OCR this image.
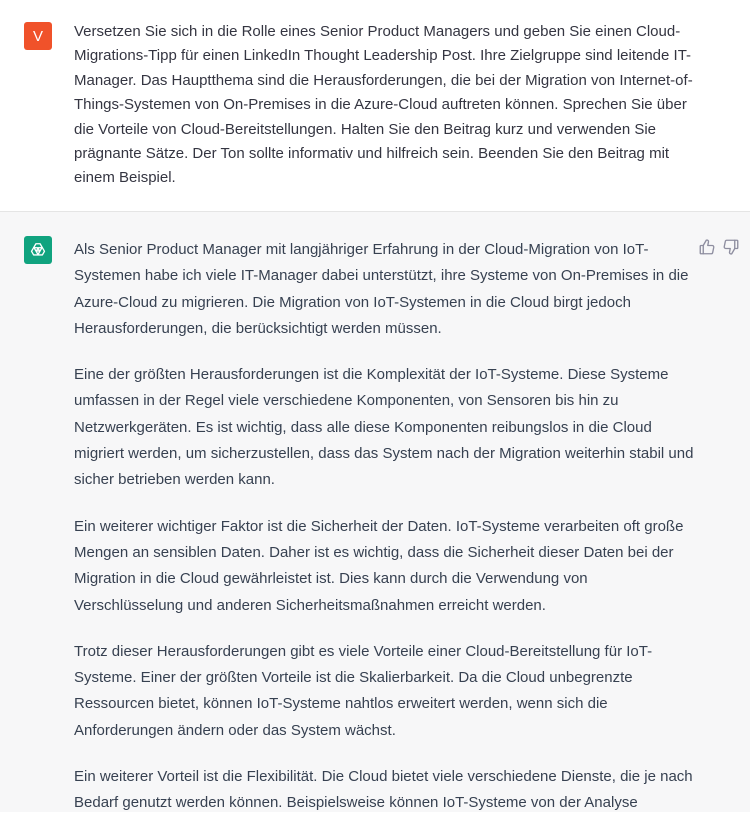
V Versetzen Sie sich in die Rolle eines Senior Product Managers und geben Sie einen Cloud-Migrations-Tipp für einen LinkedIn Thought Leadership Post. Ihre Zielgruppe sind leitende IT-Manager. Das Hauptthema sind die Herausforderungen, die bei der Migration von Internet-of-Things-Systemen von On-Premises in die Azure-Cloud auftreten können. Sprechen Sie über die Vorteile von Cloud-Bereitstellungen. Halten Sie den Beitrag kurz und verwenden Sie prägnante Sätze. Der Ton sollte informativ und hilfreich sein. Beenden Sie den Beitrag mit einem Beispiel.

Als Senior Product Manager mit langjähriger Erfahrung in der Cloud-Migration von IoT-Systemen habe ich viele IT-Manager dabei unterstützt, ihre Systeme von On-Premises in die Azure-Cloud zu migrieren. Die Migration von IoT-Systemen in die Cloud birgt jedoch Herausforderungen, die berücksichtigt werden müssen.

Eine der größten Herausforderungen ist die Komplexität der IoT-Systeme. Diese Systeme umfassen in der Regel viele verschiedene Komponenten, von Sensoren bis hin zu Netzwerkgeräten. Es ist wichtig, dass alle diese Komponenten reibungslos in die Cloud migriert werden, um sicherzustellen, dass das System nach der Migration weiterhin stabil und sicher betrieben werden kann.

Ein weiterer wichtiger Faktor ist die Sicherheit der Daten. IoT-Systeme verarbeiten oft große Mengen an sensiblen Daten. Daher ist es wichtig, dass die Sicherheit dieser Daten bei der Migration in die Cloud gewährleistet ist. Dies kann durch die Verwendung von Verschlüsselung und anderen Sicherheitsmaßnahmen erreicht werden.

Trotz dieser Herausforderungen gibt es viele Vorteile einer Cloud-Bereitstellung für IoT-Systeme. Einer der größten Vorteile ist die Skalierbarkeit. Da die Cloud unbegrenzte Ressourcen bietet, können IoT-Systeme nahtlos erweitert werden, wenn sich die Anforderungen ändern oder das System wächst.

Ein weiterer Vorteil ist die Flexibilität. Die Cloud bietet viele verschiedene Dienste, die je nach Bedarf genutzt werden können. Beispielsweise können IoT-Systeme von der Analyse
